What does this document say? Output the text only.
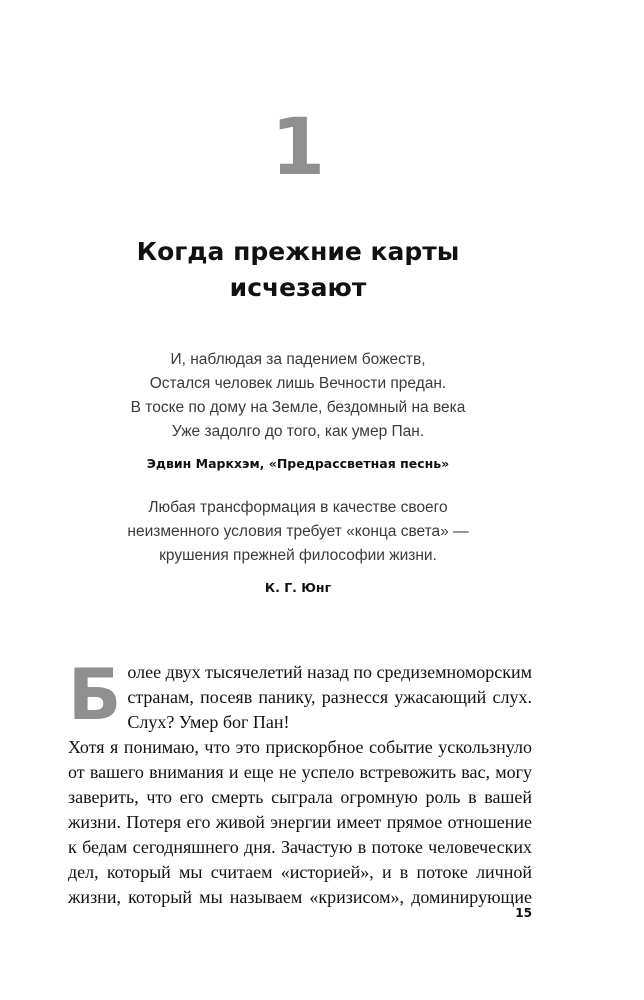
1
Когда прежние карты
исчезают
И, наблюдая за падением божеств,
Остался человек лишь Вечности предан.
В тоске по дому на Земле, бездомный на века
Уже задолго до того, как умер Пан.
Эдвин Маркхэм, «Предрассветная песнь»
Любая трансформация в качестве своего
неизменного условия требует «конца света» —
крушения прежней философии жизни.
К. Г. Юнг

Более двух тысячелетий назад по средиземноморским странам, посеяв панику, разнесся ужасающий слух. Слух? Умер бог Пан!

Хотя я понимаю, что это прискорбное событие ускользнуло от вашего внимания и еще не успело встревожить вас, могу заверить, что его смерть сыграла огромную роль в вашей жизни. Потеря его живой энергии имеет прямое отношение к бедам сегодняшнего дня. Зачастую в потоке человеческих дел, который мы считаем «историей», и в потоке личной жизни, который мы называем «кризисом», доминирующие

15
